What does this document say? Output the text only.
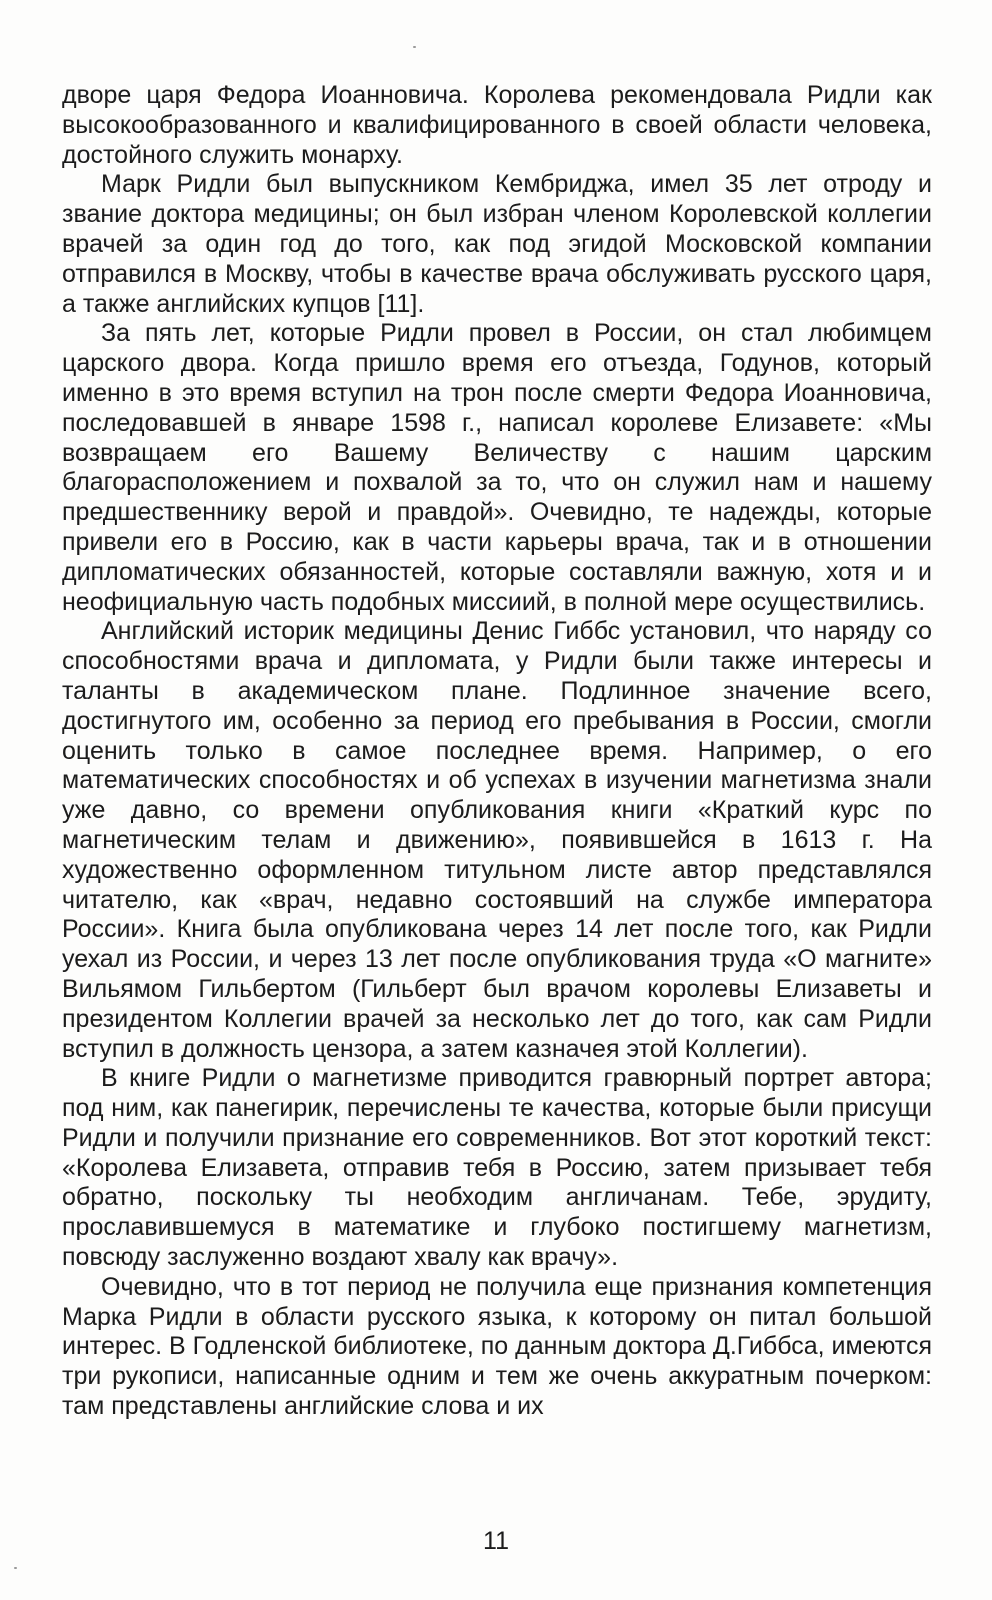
дворе царя Федора Иоанновича. Королева рекомендовала Ридли как высокообразованного и квалифицированного в своей области человека, достойного служить монарху.

Марк Ридли был выпускником Кембриджа, имел 35 лет отроду и звание доктора медицины; он был избран членом Королевской коллегии врачей за один год до того, как под эгидой Московской компании отправился в Москву, чтобы в качестве врача обслуживать русского царя, а также английских купцов [11].

За пять лет, которые Ридли провел в России, он стал любимцем царского двора. Когда пришло время его отъезда, Годунов, который именно в это время вступил на трон после смерти Федора Иоанновича, последовавшей в январе 1598 г., написал королеве Елизавете: «Мы возвращаем его Вашему Величеству с нашим царским благорасположением и похвалой за то, что он служил нам и нашему предшественнику верой и правдой». Очевидно, те надежды, которые привели его в Россию, как в части карьеры врача, так и в отношении дипломатических обязанностей, которые составляли важную, хотя и и неофициальную часть подобных миссиий, в полной мере осуществились.

Английский историк медицины Денис Гиббс установил, что наряду со способностями врача и дипломата, у Ридли были также интересы и таланты в академическом плане. Подлинное значение всего, достигнутого им, особенно за период его пребывания в России, смогли оценить только в самое последнее время. Например, о его математических способностях и об успехах в изучении магнетизма знали уже давно, со времени опубликования книги «Краткий курс по магнетическим телам и движению», появившейся в 1613 г. На художественно оформленном титульном листе автор представлялся читателю, как «врач, недавно состоявший на службе императора России». Книга была опубликована через 14 лет после того, как Ридли уехал из России, и через 13 лет после опубликования труда «О магните» Вильямом Гильбертом (Гильберт был врачом королевы Елизаветы и президентом Коллегии врачей за несколько лет до того, как сам Ридли вступил в должность цензора, а затем казначея этой Коллегии).

В книге Ридли о магнетизме приводится гравюрный портрет автора; под ним, как панегирик, перечислены те качества, которые были присущи Ридли и получили признание его современников. Вот этот короткий текст: «Королева Елизавета, отправив тебя в Россию, затем призывает тебя обратно, поскольку ты необходим англичанам. Тебе, эрудиту, прославившемуся в математике и глубоко постигшему магнетизм, повсюду заслуженно воздают хвалу как врачу».

Очевидно, что в тот период не получила еще признания компетенция Марка Ридли в области русского языка, к которому он питал большой интерес. В Годленской библиотеке, по данным доктора Д.Гиббса, имеются три рукописи, написанные одним и тем же очень аккуратным почерком: там представлены английские слова и их

11
